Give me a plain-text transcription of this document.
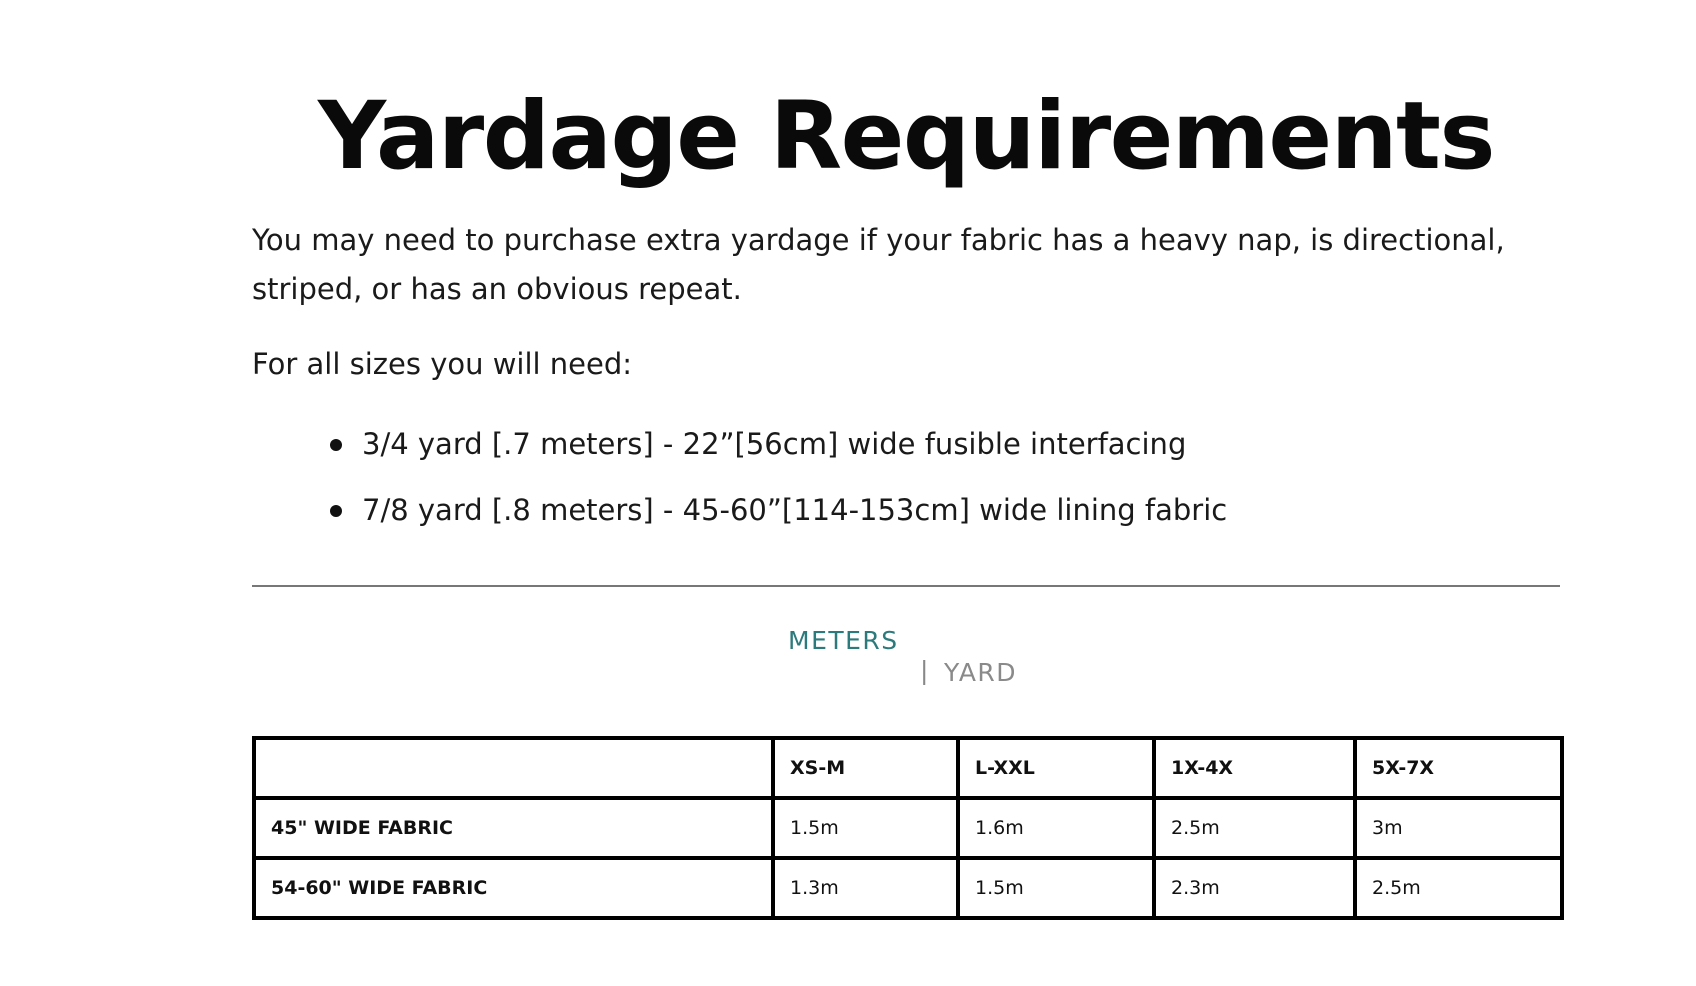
Yardage Requirements

You may need to purchase extra yardage if your fabric has a heavy nap, is directional, striped, or has an obvious repeat.

For all sizes you will need:

3/4 yard [.7 meters] - 22”[56cm] wide fusible interfacing
7/8 yard [.8 meters] - 45-60”[114-153cm] wide lining fabric
METERS
| YARD
	XS-M	L-XXL	1X-4X	5X-7X
45" WIDE FABRIC	1.5m	1.6m	2.5m	3m
54-60" WIDE FABRIC	1.3m	1.5m	2.3m	2.5m
